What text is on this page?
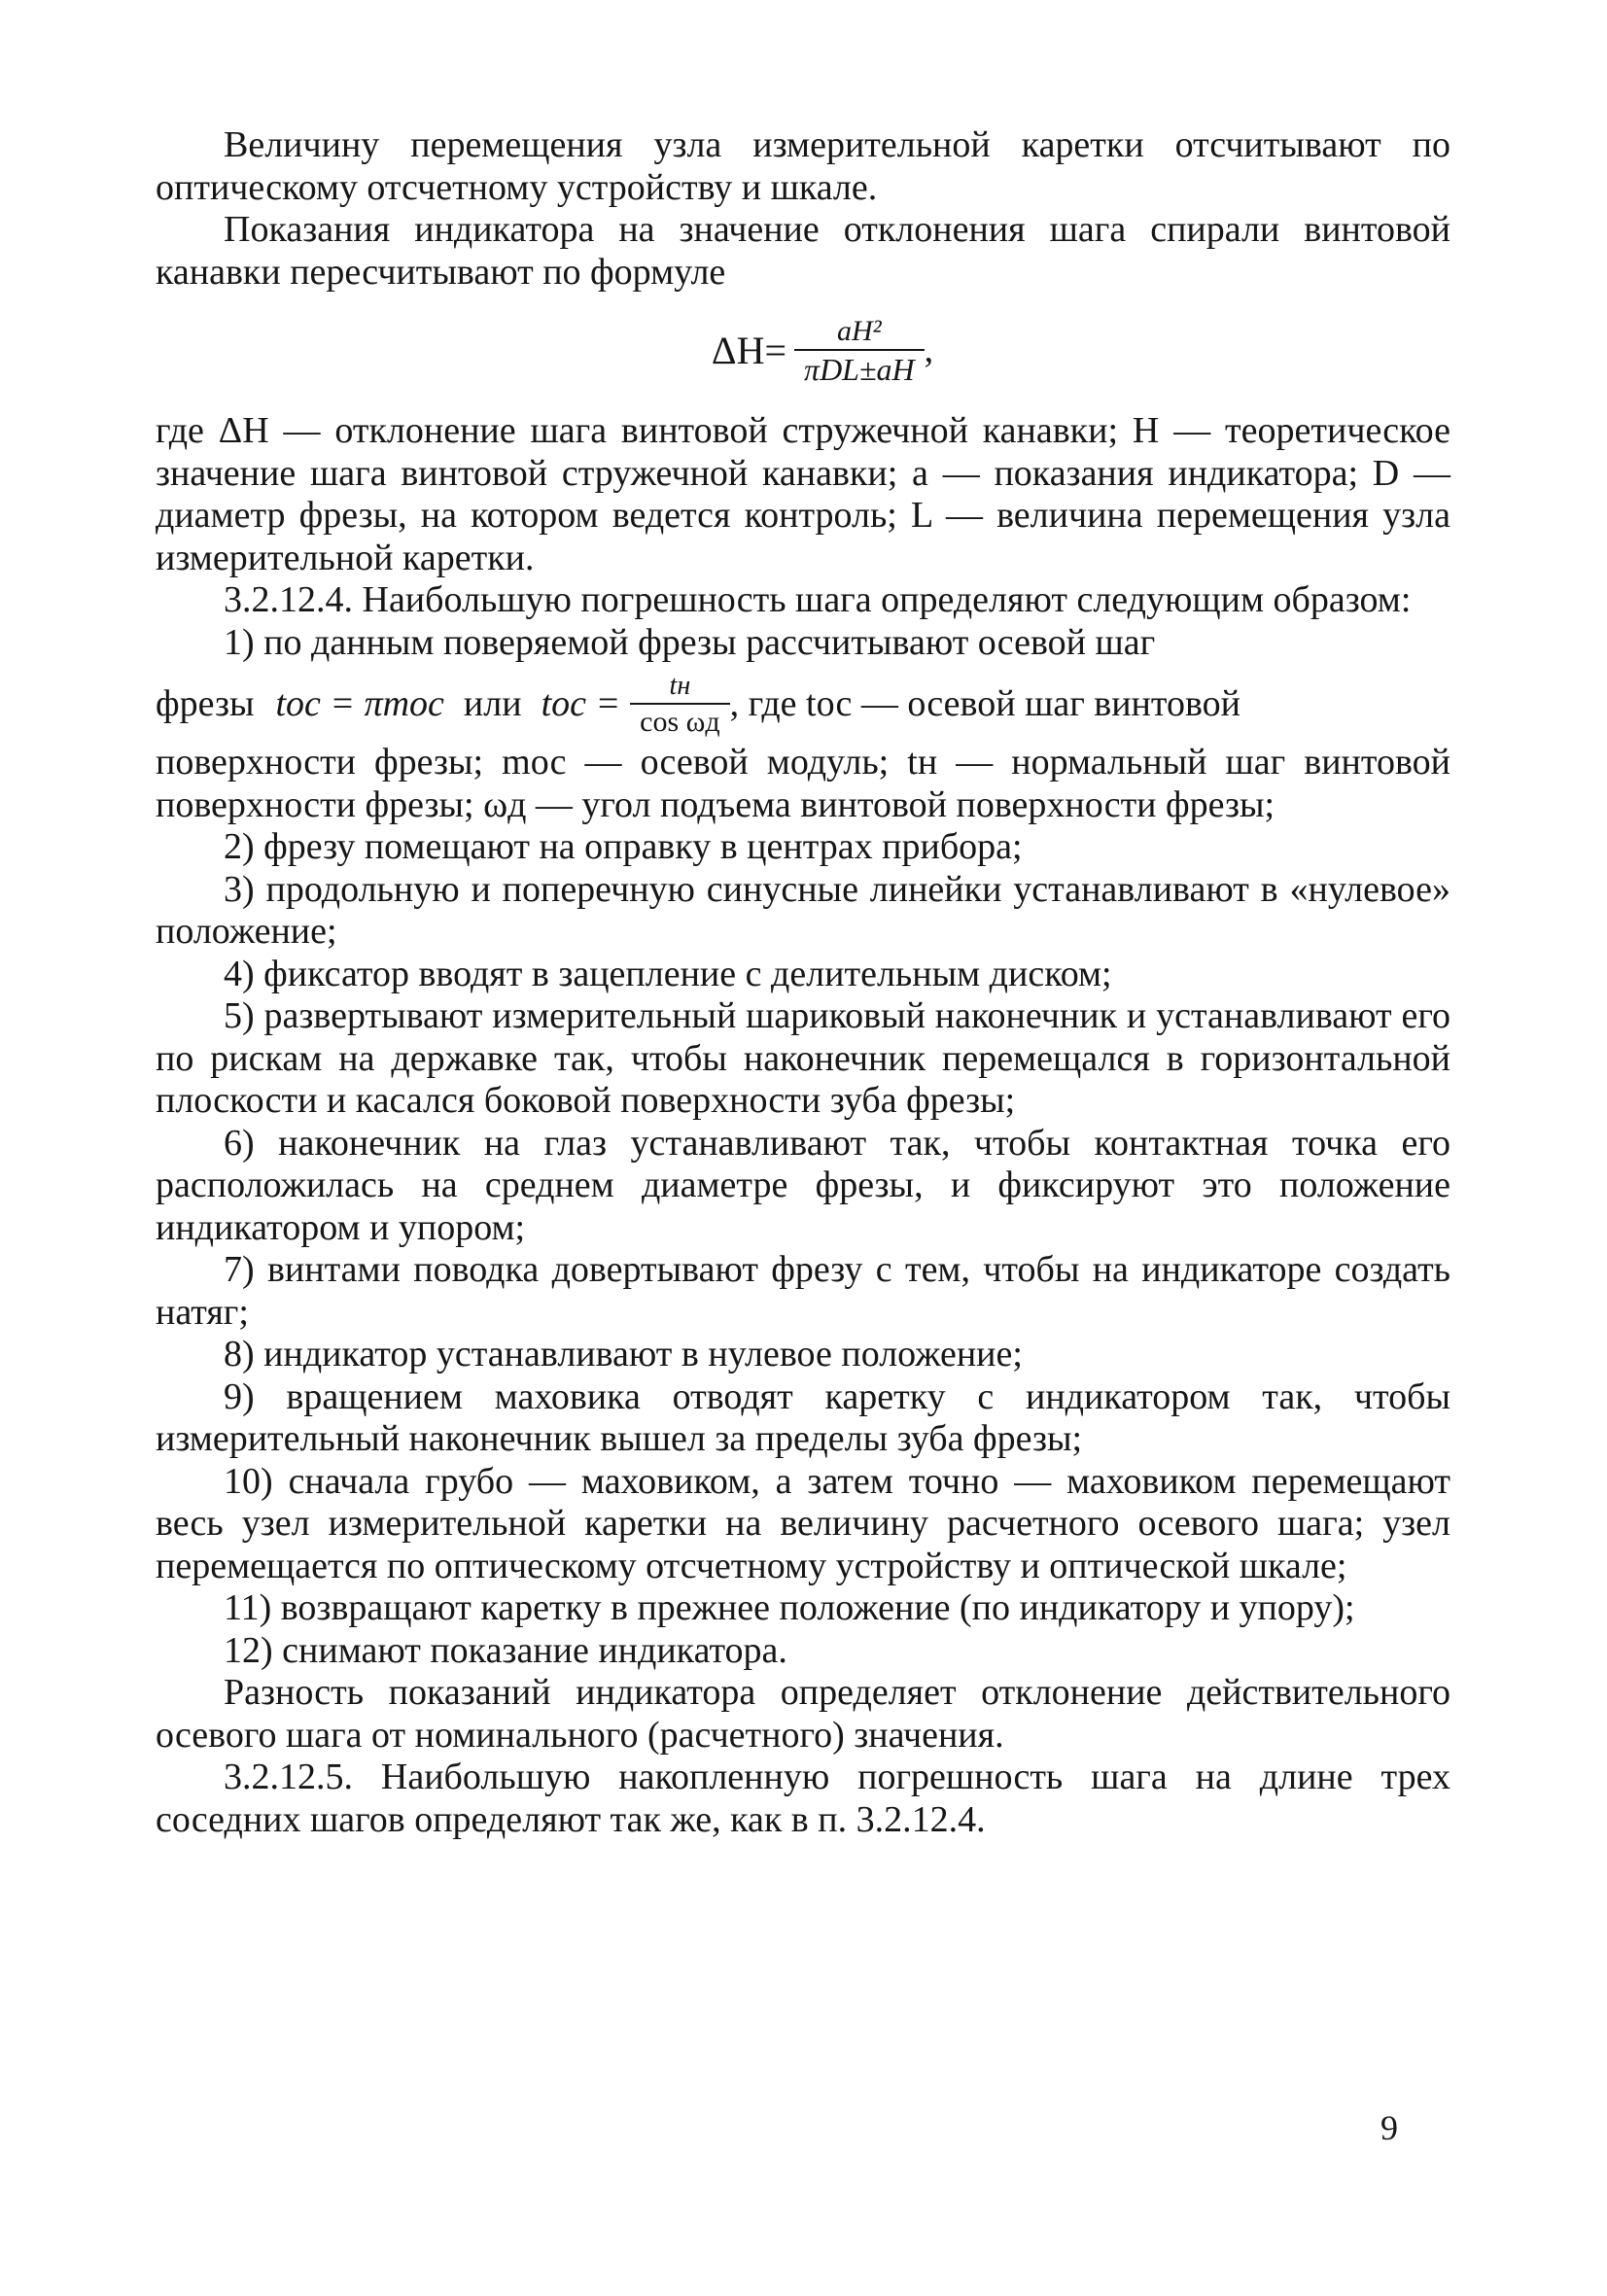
Величину перемещения узла измерительной каретки отсчитывают по оптическому отсчетному устройству и шкале.

Показания индикатора на значение отклонения шага спирали винтовой канавки пересчитывают по формуле

$\Delta H= \frac{\text{aH²}}{\text{πDL±aH}}$ ,

где ΔH — отклонение шага винтовой стружечной канавки; H — теоретическое значение шага винтовой стружечной канавки; a — показания индикатора; D — диаметр фрезы, на котором ведется контроль; L — величина перемещения узла измерительной каретки.

3.2.12.4. Наибольшую погрешность шага определяют следующим образом:

1) по данным поверяемой фрезы рассчитывают осевой шаг

фрезы tос = πmос или tос = $\frac{tн}{\text{cos ωд}}$ , где tос — осевой шаг винтовой

поверхности фрезы; mос — осевой модуль; tн — нормальный шаг винтовой поверхности фрезы; ωд — угол подъема винтовой поверхности фрезы;

2) фрезу помещают на оправку в центрах прибора;

3) продольную и поперечную синусные линейки устанавливают в «нулевое» положение;

4) фиксатор вводят в зацепление с делительным диском;

5) развертывают измерительный шариковый наконечник и устанавливают его по рискам на державке так, чтобы наконечник перемещался в горизонтальной плоскости и касался боковой поверхности зуба фрезы;

6) наконечник на глаз устанавливают так, чтобы контактная точка его расположилась на среднем диаметре фрезы, и фиксируют это положение индикатором и упором;

7) винтами поводка довертывают фрезу с тем, чтобы на индикаторе создать натяг;

8) индикатор устанавливают в нулевое положение;

9) вращением маховика отводят каретку с индикатором так, чтобы измерительный наконечник вышел за пределы зуба фрезы;

10) сначала грубо — маховиком, а затем точно — маховиком перемещают весь узел измерительной каретки на величину расчетного осевого шага; узел перемещается по оптическому отсчетному устройству и оптической шкале;

11) возвращают каретку в прежнее положение (по индикатору и упору);

12) снимают показание индикатора.

Разность показаний индикатора определяет отклонение действительного осевого шага от номинального (расчетного) значения.

3.2.12.5. Наибольшую накопленную погрешность шага на длине трех соседних шагов определяют так же, как в п. 3.2.12.4.

9
